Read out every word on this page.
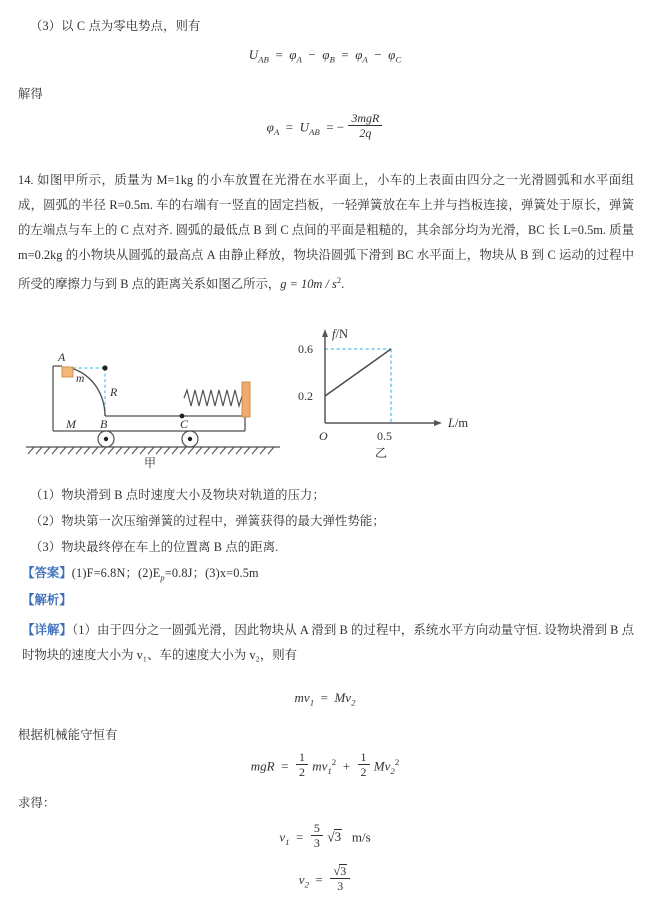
（3）以 C 点为零电势点，则有
$U_{AB} = \varphi_A - \varphi_B = \varphi_A - \varphi_C$
解得
$\varphi_A = U_{AB}$  = − $\frac{\text{3mgR}}{2q}$
14. 如图甲所示，质量为 M=1kg 的小车放置在光滑在水平面上，小车的上表面由四分之一光滑圆弧和水平面组成，圆弧的半径 R=0.5m. 车的右端有一竖直的固定挡板，一轻弹簧放在车上并与挡板连接，弹簧处于原长，弹簧的左端点与车上的 C 点对齐. 圆弧的最低点 B 到 C 点间的平面是粗糙的，其余部分均为光滑，BC 长 L=0.5m. 质量 m=0.2kg 的小物块从圆弧的最高点 A 由静止释放，物块沿圆弧下滑到 BC 水平面上，物块从 B 到 C 运动的过程中所受的摩擦力与到 B 点的距离关系如图乙所示，$g = 10m / s^2$.
A
m
R
M B	C
甲
f/N
L/m
0.6
0.2
0.5
O
乙
（1）物块滑到 B 点时速度大小及物块对轨道的压力；
（2）物块第一次压缩弹簧的过程中，弹簧获得的最大弹性势能；
（3）物块最终停在车上的位置离 B 点的距离.
【答案】(1)F=6.8N；$(2)E_p=0.8J$；(3)x=0.5m
【解析】
【详解】（1）由于四分之一圆弧光滑，因此物块从 A 滑到 B 的过程中，系统水平方向动量守恒. 设物块滑到 B 点时物块的速度大小为 v₁、车的速度大小为 v₂，则有
$mv_1 = Mv_2$
根据机械能守恒有
mgR  = $\frac{1}{2} mv_1^2 + \frac{1}{2} Mv_2^2$
求得：
$v_1 = \frac{5}{3} √3$ m/s
$v_2 = \frac{√3}{3}$
